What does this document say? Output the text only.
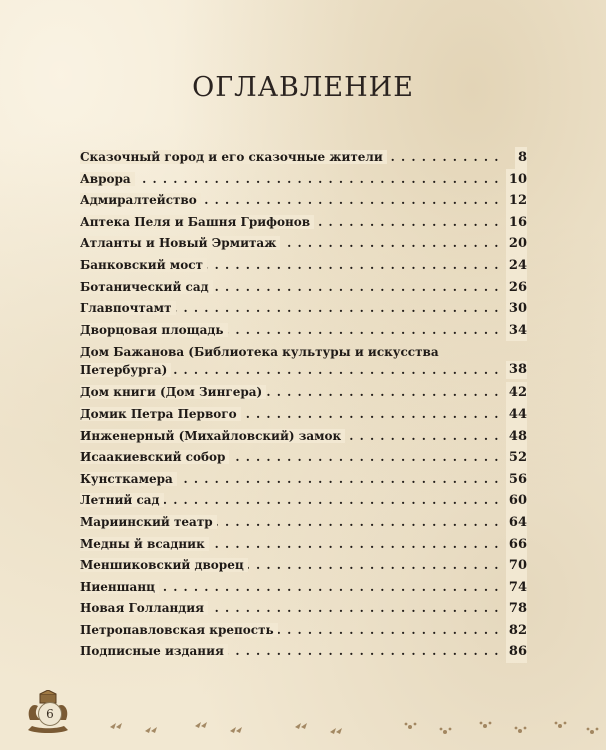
ОГЛАВЛЕНИЕ
. . .
Сказочный город и его сказочные жители	8
. . .
Аврора	10
. . .
Адмиралтейство	12
. . .
Аптека Пеля и Башня Грифонов	16
. . .
Атланты и Новый Эрмитаж	20
. . .
Банковский мост	24
. . .
Ботанический сад	26
. . .
Главпочтамт	30
. . .
Дворцовая площадь	34
Дом Бажанова (Библиотека культуры и искусства
. . .
Петербурга)	38
. . .
Дом книги (Дом Зингера)	42
. . .
Домик Петра Первого	44
. . .
Инженерный (Михайловский) замок	48
. . .
Исаакиевский собор	52
. . .
Кунсткамера	56
. . .
Летний сад	60
. . .
Мариинский театр	64
. . .
Медны й всадник	66
. . .
Меншиковский дворец	70
. . .
Ниеншанц	74
. . .
Новая Голландия	78
. . .
Петропавловская крепость	82
. . .
Подписные издания	86
6
